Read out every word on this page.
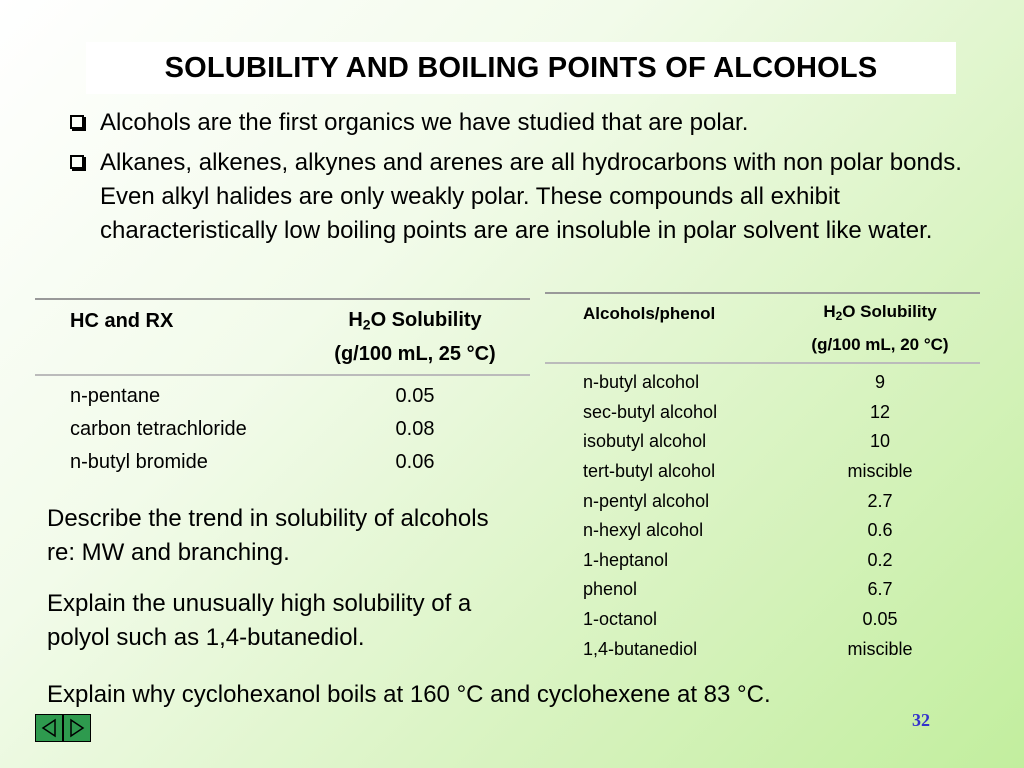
SOLUBILITY AND BOILING POINTS OF ALCOHOLS
Alcohols are the first organics we have studied that are polar.
Alkanes, alkenes, alkynes and arenes are all hydrocarbons with non polar bonds. Even alkyl halides are only weakly polar. These compounds all exhibit characteristically low boiling points are are insoluble in polar solvent like water.
HC and RX	$H_2O$ Solubility
(g/100 mL, 25 °C)
n-pentane	0.05
carbon tetrachloride	0.08
n-butyl bromide	0.06
Alcohols/phenol	$H_2O$ Solubility
(g/100 mL, 20 °C)
n-butyl alcohol	9
sec-butyl alcohol	12
isobutyl alcohol	10
tert-butyl alcohol	miscible
n-pentyl alcohol	2.7
n-hexyl alcohol	0.6
1-heptanol	0.2
phenol	6.7
1-octanol	0.05
1,4-butanediol	miscible
Describe the trend in solubility of alcohols re: MW and branching.
Explain the unusually high solubility of a polyol such as 1,4-butanediol.
Explain why cyclohexanol boils at 160 °C and cyclohexene at 83 °C.
32
